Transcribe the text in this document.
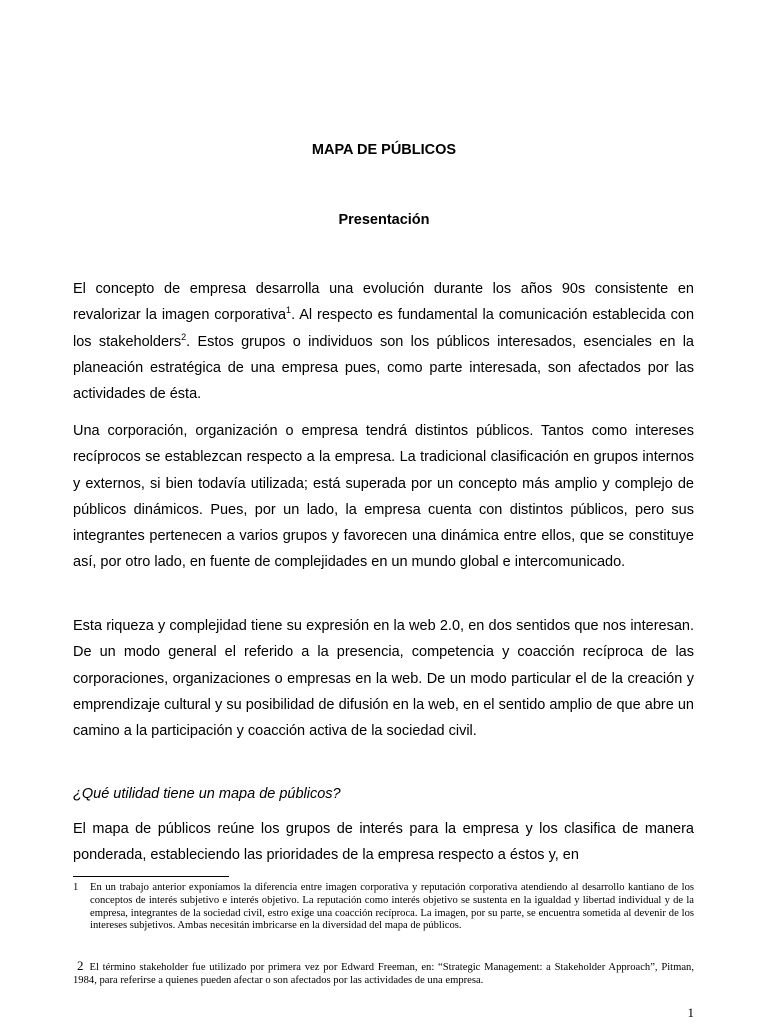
MAPA DE PÚBLICOS
Presentación

El concepto de empresa desarrolla una evolución durante los años 90s consistente en revalorizar la imagen corporativa$^1$. Al respecto es fundamental la comunicación establecida con los stakeholders$^2$. Estos grupos o individuos son los públicos interesados, esenciales en la planeación estratégica de una empresa pues, como parte interesada, son afectados por las actividades de ésta.

Una corporación, organización o empresa tendrá distintos públicos. Tantos como intereses recíprocos se establezcan respecto a la empresa. La tradicional clasificación en grupos internos y externos, si bien todavía utilizada; está superada por un concepto más amplio y complejo de públicos dinámicos. Pues, por un lado, la empresa cuenta con distintos públicos, pero sus integrantes pertenecen a varios grupos y favorecen una dinámica entre ellos, que se constituye así, por otro lado, en fuente de complejidades en un mundo global e intercomunicado.

Esta riqueza y complejidad tiene su expresión en la web 2.0, en dos sentidos que nos interesan. De un modo general el referido a la presencia, competencia y coacción recíproca de las corporaciones, organizaciones o empresas en la web. De un modo particular el de la creación y emprendizaje cultural y su posibilidad de difusión en la web, en el sentido amplio de que abre un camino a la participación y coacción activa de la sociedad civil.

¿Qué utilidad tiene un mapa de públicos?

El mapa de públicos reúne los grupos de interés para la empresa y los clasifica de manera ponderada, estableciendo las prioridades de la empresa respecto a éstos y, en

1	En un trabajo anterior exponíamos la diferencia entre imagen corporativa y reputación corporativa atendiendo al desarrollo kantiano de los conceptos de interés subjetivo e interés objetivo. La reputación como interés objetivo se sustenta en la igualdad y libertad individual y de la empresa, integrantes de la sociedad civil, estro exige una coacción recíproca. La imagen, por su parte, se encuentra sometida al devenir de los intereses subjetivos. Ambas necesitán imbricarse en la diversidad del mapa de públicos.

2 El término stakeholder fue utilizado por primera vez por Edward Freeman, en: “Strategic Management: a Stakeholder Approach”, Pitman, 1984, para referirse a quienes pueden afectar o son afectados por las actividades de una empresa.

1
